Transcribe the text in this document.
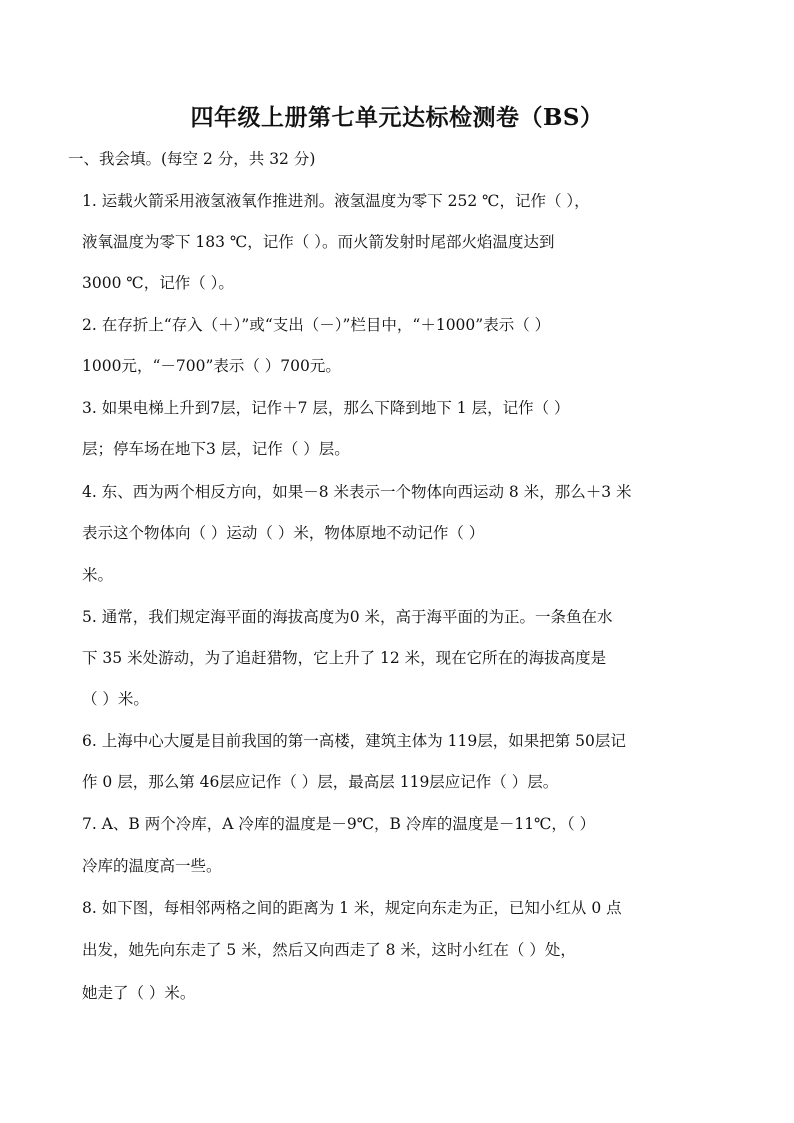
四年级上册第七单元达标检测卷（BS）
一、我会填。(每空 2 分，共 32 分)
1. 运载火箭采用液氢液氧作推进剂。液氢温度为零下 252 ℃，记作（ ），
液氧温度为零下 183 ℃，记作（ ）。而火箭发射时尾部火焰温度达到
3000 ℃，记作（ ）。
2. 在存折上“存入（＋）”或“支出（－）”栏目中，“＋1000”表示（ ）
1000元，“－700”表示（ ）700元。
3. 如果电梯上升到7层，记作＋7 层，那么下降到地下 1 层，记作（ ）
层；停车场在地下3 层，记作（ ）层。
4. 东、西为两个相反方向，如果－8 米表示一个物体向西运动 8 米，那么＋3 米
表示这个物体向（ ）运动（ ）米，物体原地不动记作（ ）
米。
5. 通常，我们规定海平面的海拔高度为0 米，高于海平面的为正。一条鱼在水
下 35 米处游动，为了追赶猎物，它上升了 12 米，现在它所在的海拔高度是
（ ）米。
6. 上海中心大厦是目前我国的第一高楼，建筑主体为 119层，如果把第 50层记
作 0 层，那么第 46层应记作（ ）层，最高层 119层应记作（ ）层。
7. A、B 两个冷库，A 冷库的温度是－9℃，B 冷库的温度是－11℃，（ ）
冷库的温度高一些。
8. 如下图，每相邻两格之间的距离为 1 米，规定向东走为正，已知小红从 0 点
出发，她先向东走了 5 米，然后又向西走了 8 米，这时小红在（ ）处，
她走了（ ）米。
